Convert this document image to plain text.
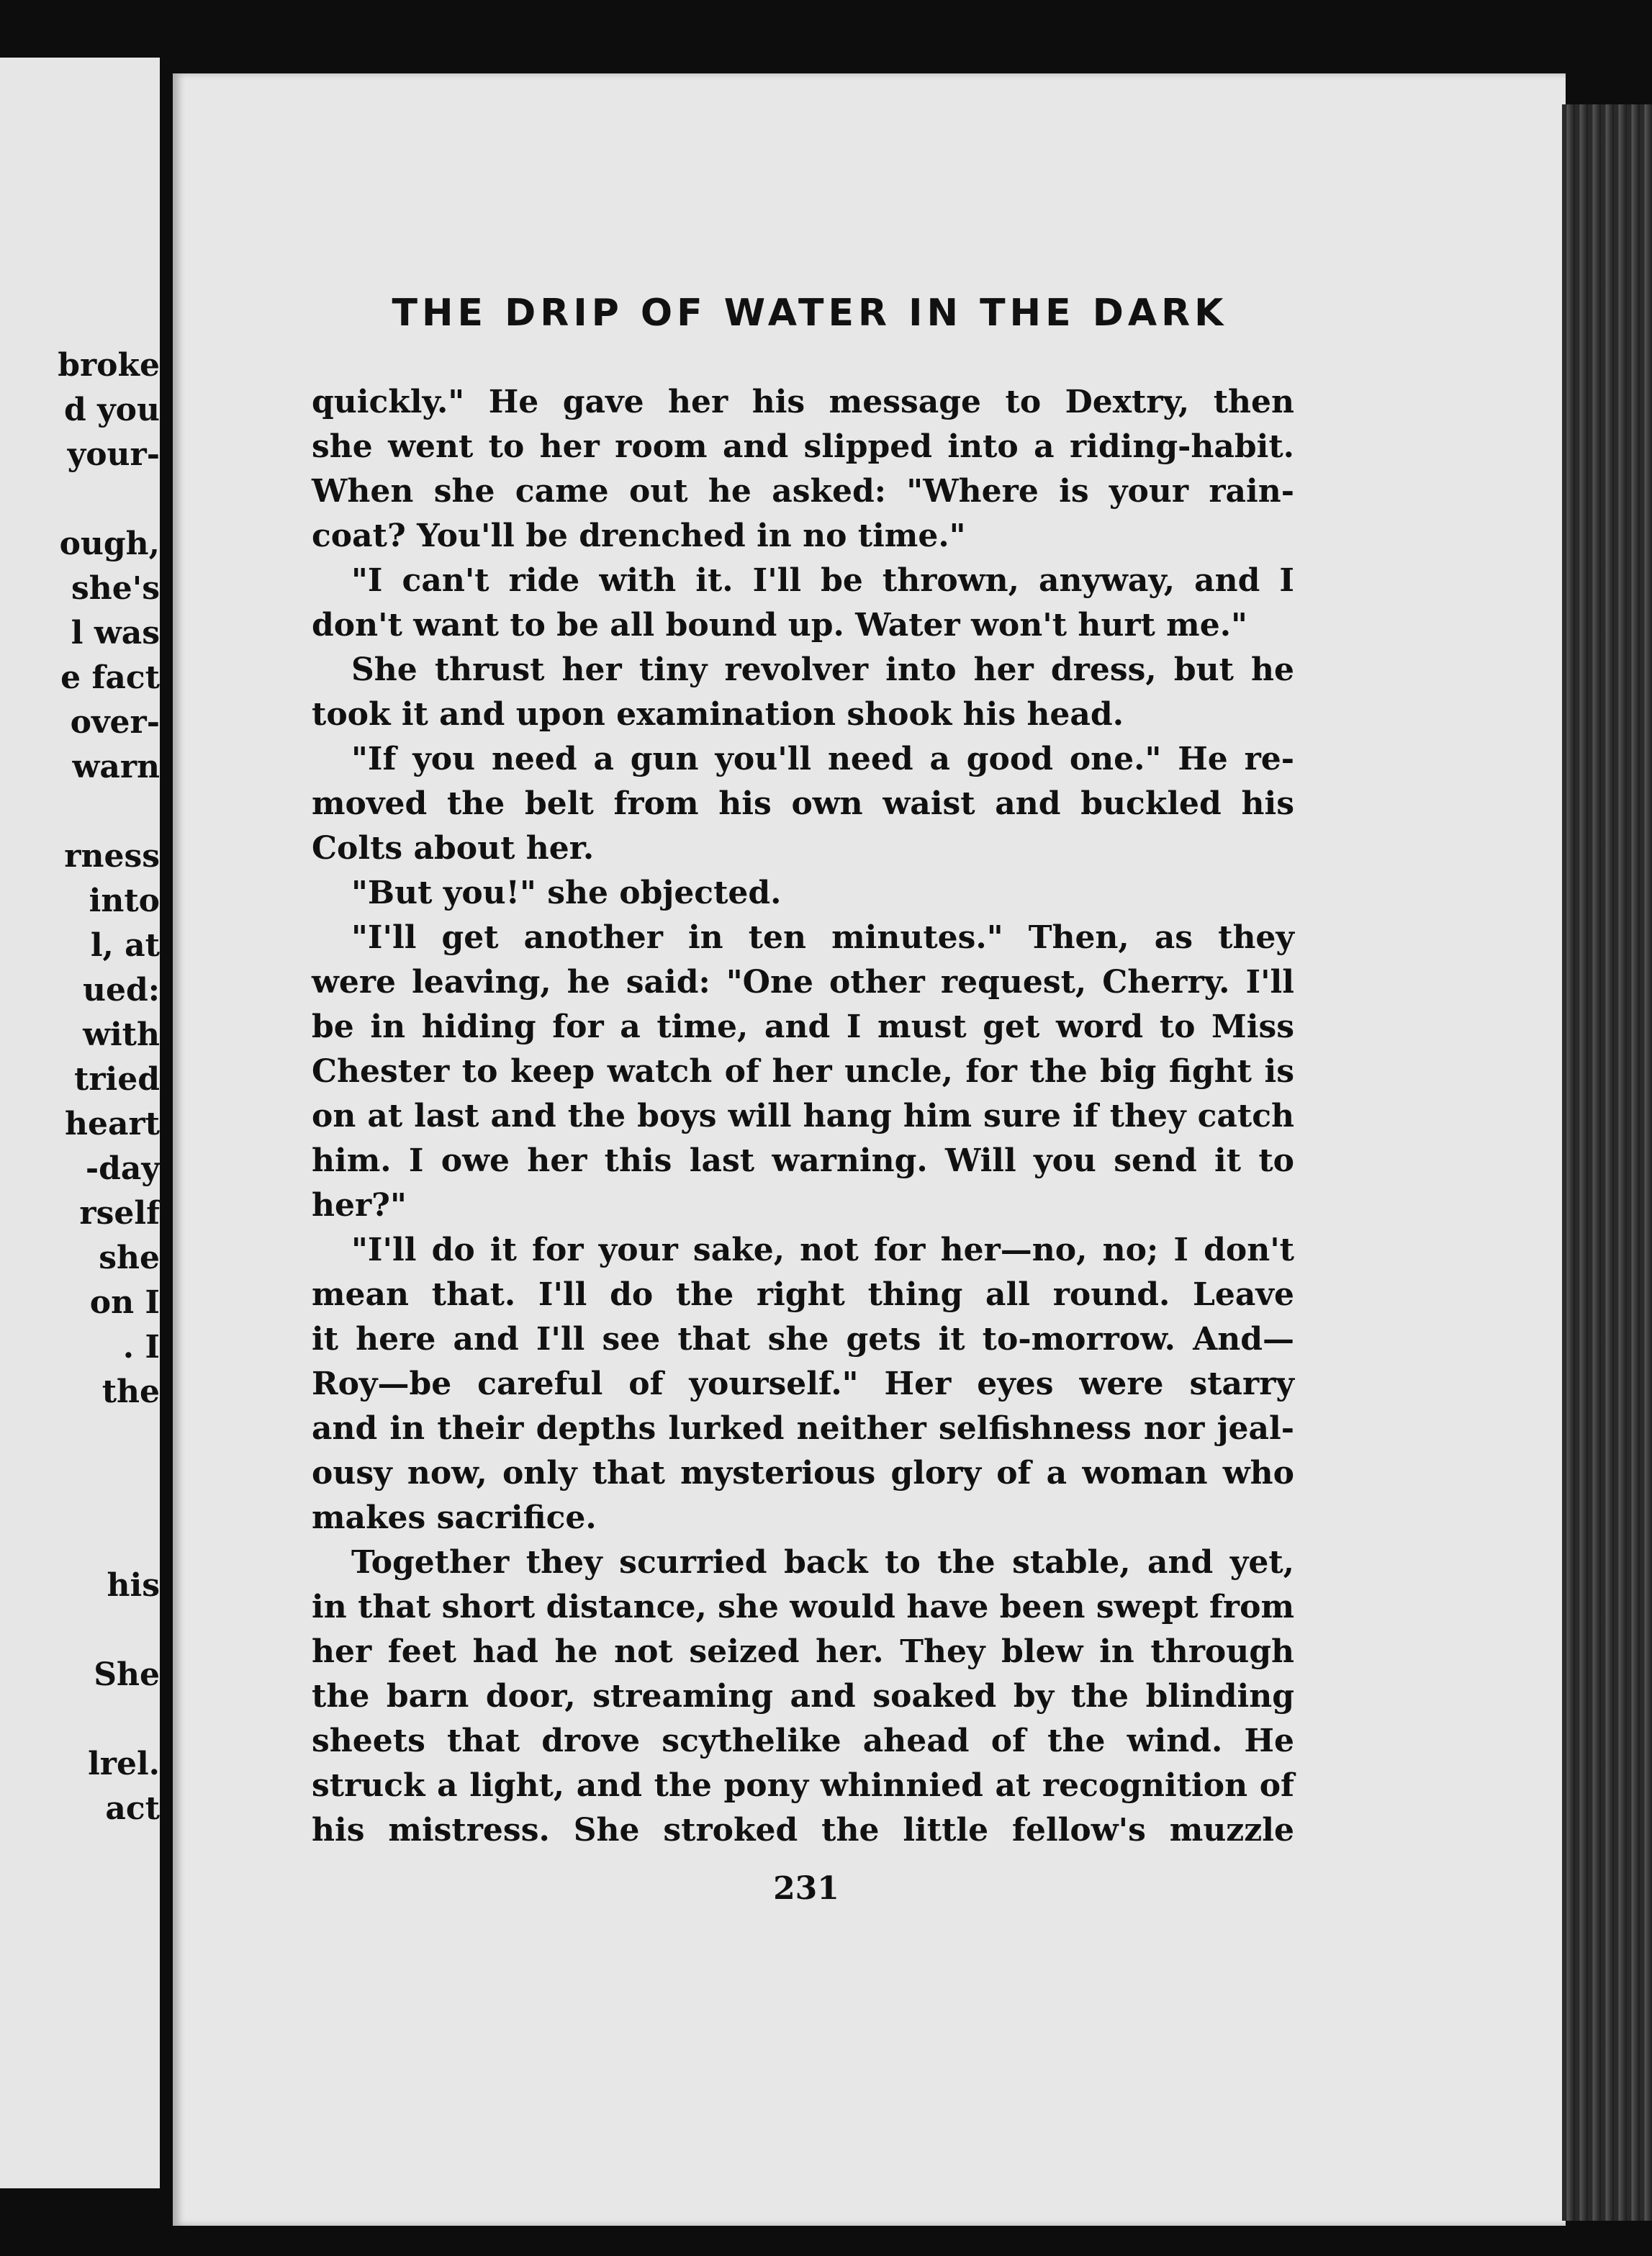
broke
d you
your-
ough,
she's
l was
e fact
over-
warn
rness
into
l, at
ued:
with
tried
heart
-day
rself
she
on I
. I
the
his
She
lrel.
act
THE DRIP OF WATER IN THE DARK
quickly." He gave her his message to Dextry, then
she went to her room and slipped into a riding-habit.
When she came out he asked: "Where is your rain-
coat? You'll be drenched in no time."
"I can't ride with it. I'll be thrown, anyway, and I
don't want to be all bound up. Water won't hurt me."
She thrust her tiny revolver into her dress, but he
took it and upon examination shook his head.
"If you need a gun you'll need a good one." He re-
moved the belt from his own waist and buckled his
Colts about her.
"But you!" she objected.
"I'll get another in ten minutes." Then, as they
were leaving, he said: "One other request, Cherry. I'll
be in hiding for a time, and I must get word to Miss
Chester to keep watch of her uncle, for the big fight is
on at last and the boys will hang him sure if they catch
him. I owe her this last warning. Will you send it to
her?"
"I'll do it for your sake, not for her—no, no; I don't
mean that. I'll do the right thing all round. Leave
it here and I'll see that she gets it to-morrow. And—
Roy—be careful of yourself." Her eyes were starry
and in their depths lurked neither selfishness nor jeal-
ousy now, only that mysterious glory of a woman who
makes sacrifice.
Together they scurried back to the stable, and yet,
in that short distance, she would have been swept from
her feet had he not seized her. They blew in through
the barn door, streaming and soaked by the blinding
sheets that drove scythelike ahead of the wind. He
struck a light, and the pony whinnied at recognition of
his mistress. She stroked the little fellow's muzzle
231
